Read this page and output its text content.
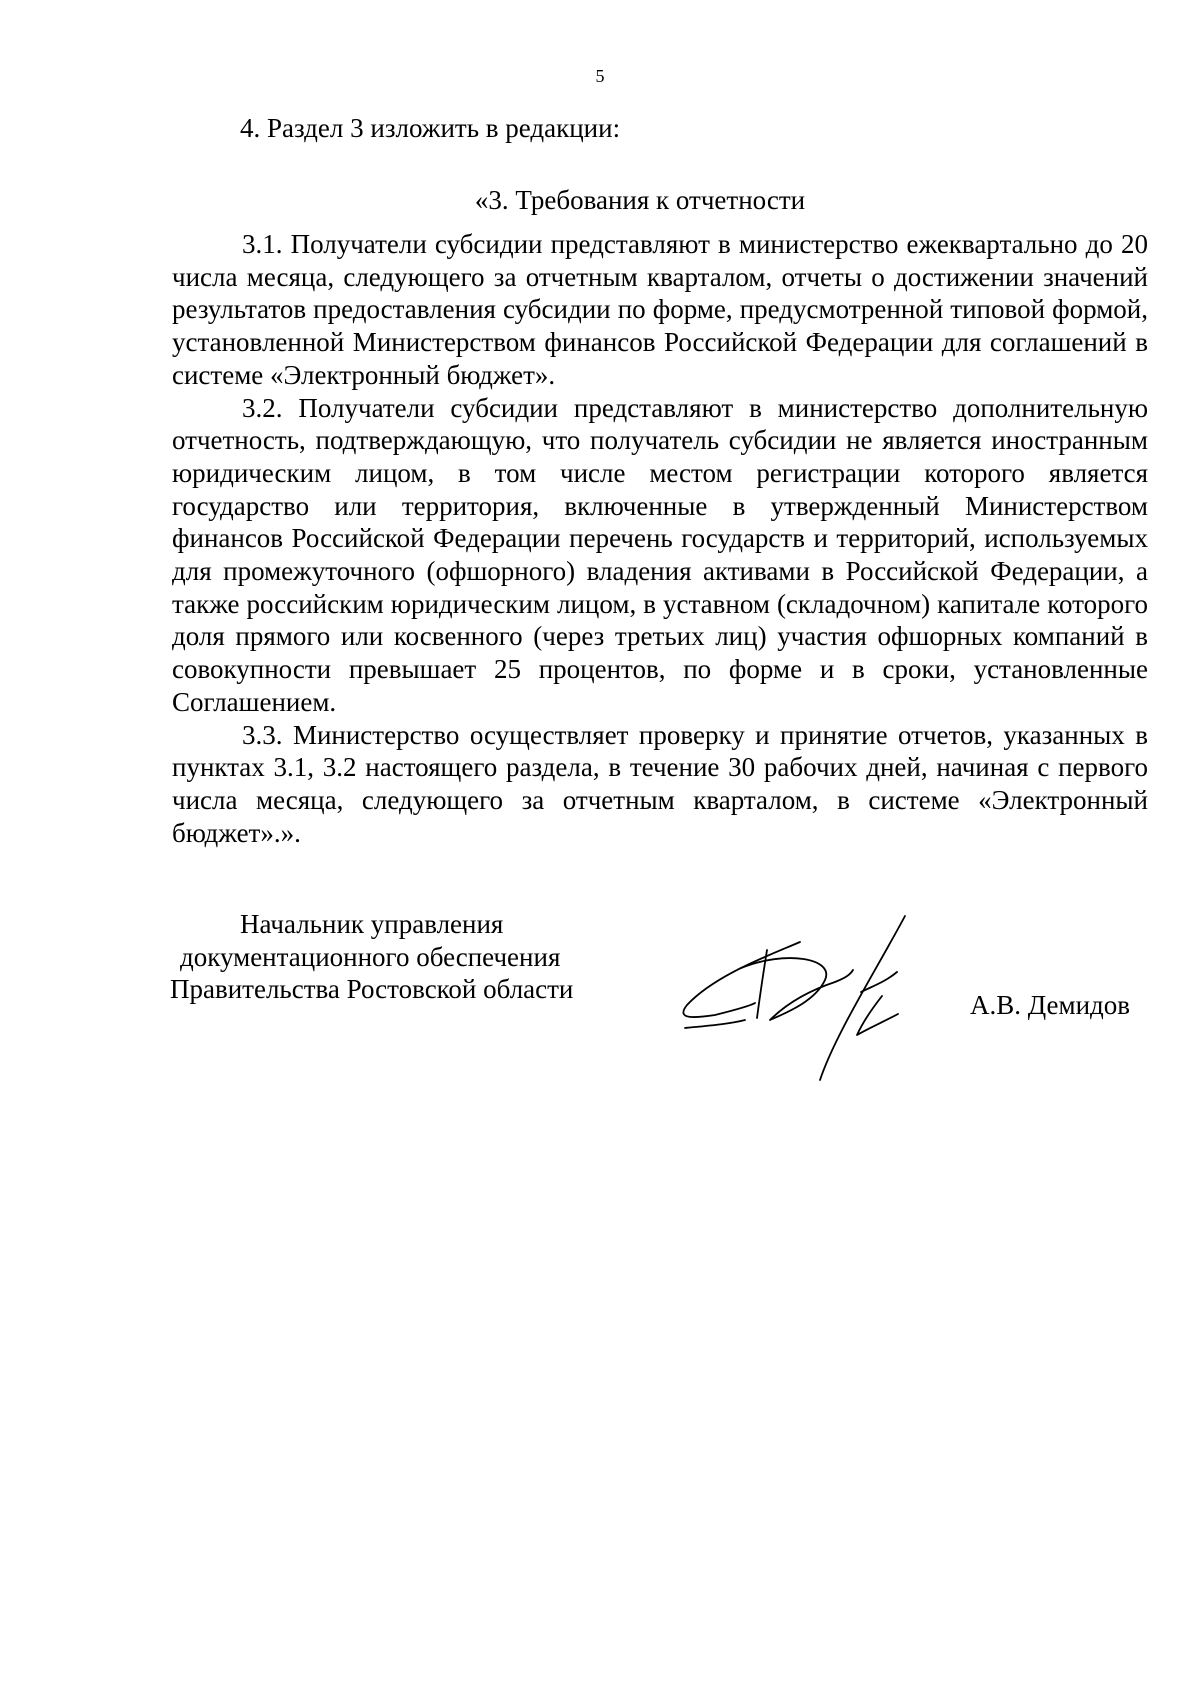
5
4. Раздел 3 изложить в редакции:
«3. Требования к отчетности

3.1. Получатели субсидии представляют в министерство ежеквартально до 20 числа месяца, следующего за отчетным кварталом, отчеты о достижении значений результатов предоставления субсидии по форме, предусмотренной типовой формой, установленной Министерством финансов Российской Федерации для соглашений в системе «Электронный бюджет».

3.2. Получатели субсидии представляют в министерство дополнительную отчетность, подтверждающую, что получатель субсидии не является иностранным юридическим лицом, в том числе местом регистрации которого является государство или территория, включенные в утвержденный Министерством финансов Российской Федерации перечень государств и территорий, используемых для промежуточного (офшорного) владения активами в Российской Федерации, а также российским юридическим лицом, в уставном (складочном) капитале которого доля прямого или косвенного (через третьих лиц) участия офшорных компаний в совокупности превышает 25 процентов, по форме и в сроки, установленные Соглашением.

3.3. Министерство осуществляет проверку и принятие отчетов, указанных в пунктах 3.1, 3.2 настоящего раздела, в течение 30 рабочих дней, начиная с первого числа месяца, следующего за отчетным кварталом, в системе «Электронный бюджет».».

Начальник управления
документационного обеспечения
Правительства Ростовской области
А.В. Демидов
